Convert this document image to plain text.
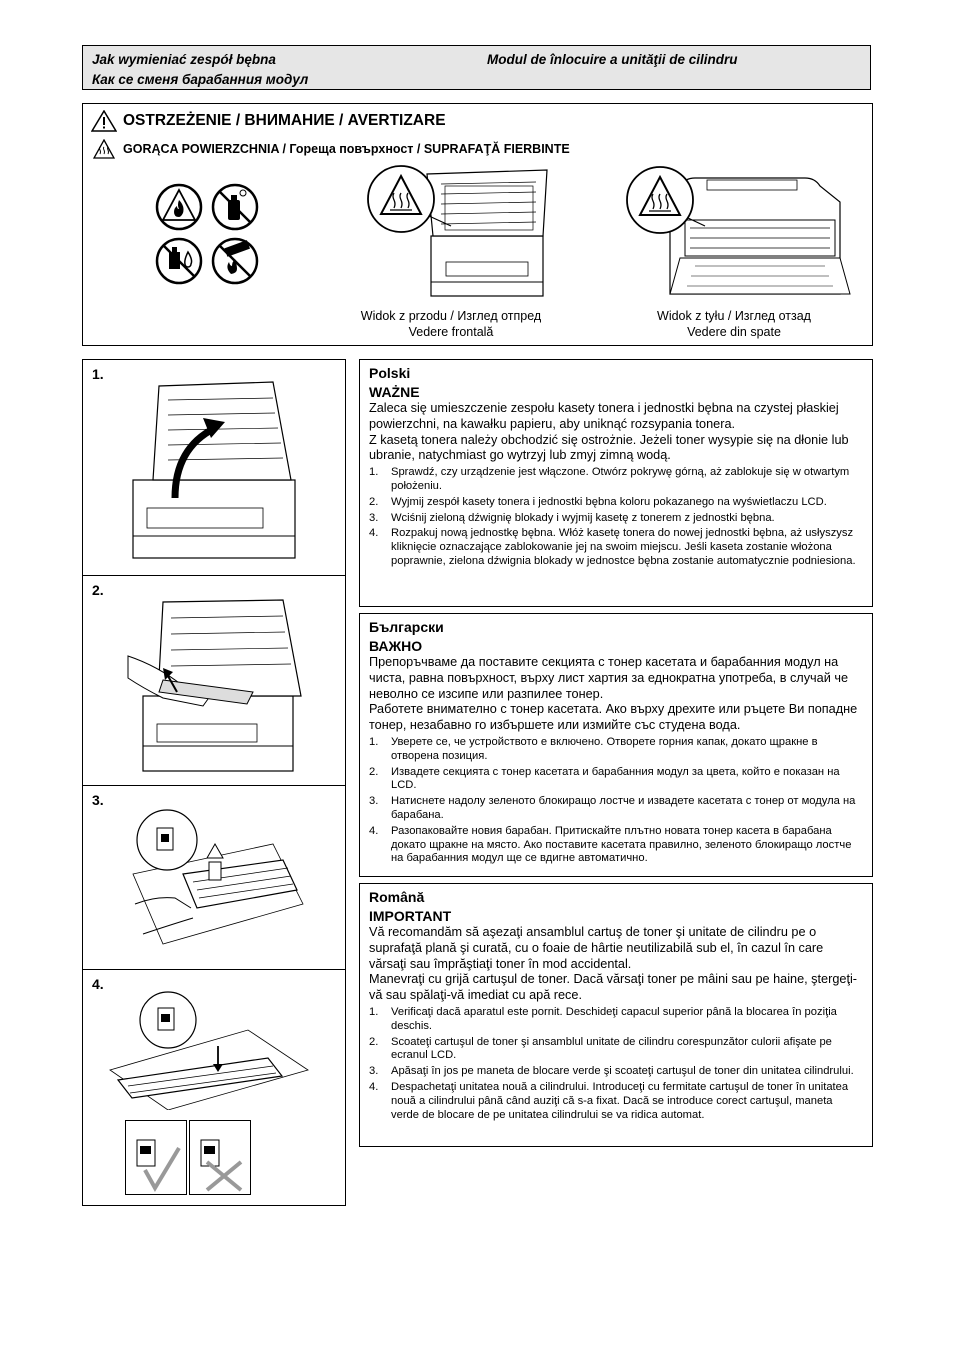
Jak wymieniać zespół bębna	Modul de înlocuire a unităţii de cilindru
Как се сменя барабанния модул
OSTRZEŻENIE / ВНИМАНИЕ / AVERTIZARE
GORĄCA POWIERZCHNIA / Гореща повърхност / SUPRAFAŢĂ FIERBINTE
Widok z przodu / Изглед отпред
Vedere frontală
Widok z tyłu / Изглед отзад
Vedere din spate
1.
2.
3.
4.
Polski
WAŻNE

Zaleca się umieszczenie zespołu kasety tonera i jednostki bębna na czystej płaskiej powierzchni, na kawałku papieru, aby uniknąć rozsypania tonera.

Z kasetą tonera należy obchodzić się ostrożnie. Jeżeli toner wysypie się na dłonie lub ubranie, natychmiast go wytrzyj lub zmyj zimną wodą.

1. Sprawdź, czy urządzenie jest włączone. Otwórz pokrywę górną, aż zablokuje się w otwartym położeniu.
2. Wyjmij zespół kasety tonera i jednostki bębna koloru pokazanego na wyświetlaczu LCD.
3. Wciśnij zieloną dźwignię blokady i wyjmij kasetę z tonerem z jednostki bębna.
4. Rozpakuj nową jednostkę bębna. Włóż kasetę tonera do nowej jednostki bębna, aż usłyszysz kliknięcie oznaczające zablokowanie jej na swoim miejscu. Jeśli kaseta zostanie włożona poprawnie, zielona dźwignia blokady w jednostce bębna zostanie automatycznie podniesiona.
Български
ВАЖНО

Препоръчваме да поставите секцията с тонер касетата и барабанния модул на чиста, равна повърхност, върху лист хартия за еднократна употреба, в случай че неволно се изсипе или разпилее тонер.

Работете внимателно с тонер касетата. Ако върху дрехите или ръцете Ви попадне тонер, незабавно го избършете или измийте със студена вода.

1. Уверете се, че устройството е включено. Отворете горния капак, докато щракне в отворена позиция.
2. Извадете секцията с тонер касетата и барабанния модул за цвета, който е показан на LCD.
3. Натиснете надолу зеленото блокиращо лостче и извадете касетата с тонер от модула на барабана.
4. Разопаковайте новия барабан. Притискайте плътно новата тонер касета в барабана докато щракне на място. Ако поставите касетата правилно, зеленото блокиращо лостче на барабанния модул ще се вдигне автоматично.
Română
IMPORTANT

Vă recomandăm să aşezaţi ansamblul cartuş de toner şi unitate de cilindru pe o suprafaţă plană şi curată, cu o foaie de hârtie neutilizabilă sub el, în cazul în care vărsaţi sau împrăştiaţi toner în mod accidental.

Manevraţi cu grijă cartuşul de toner. Dacă vărsaţi toner pe mâini sau pe haine, ştergeţi-vă sau spălaţi-vă imediat cu apă rece.

1. Verificaţi dacă aparatul este pornit. Deschideţi capacul superior până la blocarea în poziţia deschis.
2. Scoateţi cartuşul de toner şi ansamblul unitate de cilindru corespunzător culorii afişate pe ecranul LCD.
3. Apăsaţi în jos pe maneta de blocare verde şi scoateţi cartuşul de toner din unitatea cilindrului.
4. Despachetaţi unitatea nouă a cilindrului. Introduceţi cu fermitate cartuşul de toner în unitatea nouă a cilindrului până când auziţi că s-a fixat. Dacă se introduce corect cartuşul, maneta verde de blocare de pe unitatea cilindrului se va ridica automat.
